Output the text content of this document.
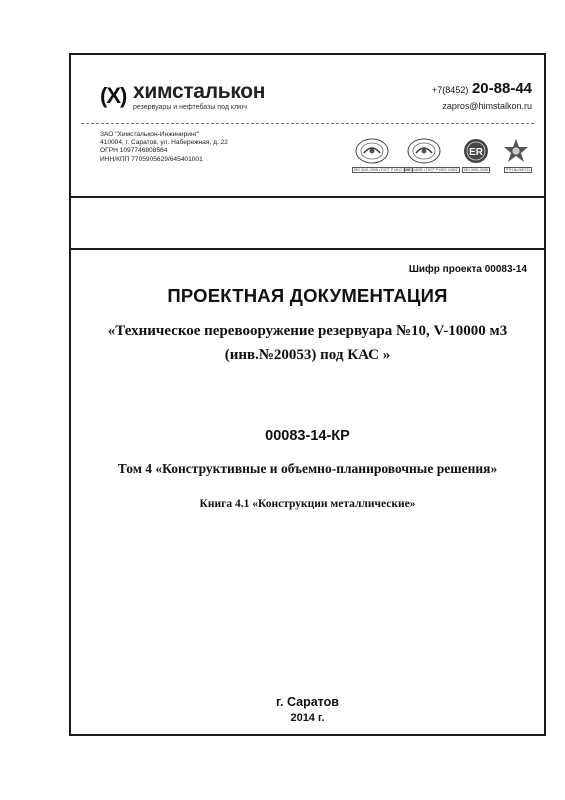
(X) химсталькон
резервуары и нефтебазы под ключ
+7(8452) 20-88-44
zapros@himstalkon.ru
ЗАО "Химсталькон-Инжиниринг"
410004, г. Саратов, ул. Набережная, д. 22
ОГРН 1097746808564
ИНН/КПП 7705905629/645401001
ISO 9001-2008 • ГОСТ Р ИСО 9001
ISO 14001 • ГОСТ Р ИСО 14001
ER
ISO 9001-2008	РТН № 000721
Шифр проекта 00083-14
ПРОЕКТНАЯ ДОКУМЕНТАЦИЯ
«Техническое перевооружение резервуара №10, V-10000 м3
(инв.№20053) под КАС »
00083-14-КР
Том 4 «Конструктивные и объемно-планировочные решения»
Книга 4.1 «Конструкции металлические»
г. Саратов
2014 г.
